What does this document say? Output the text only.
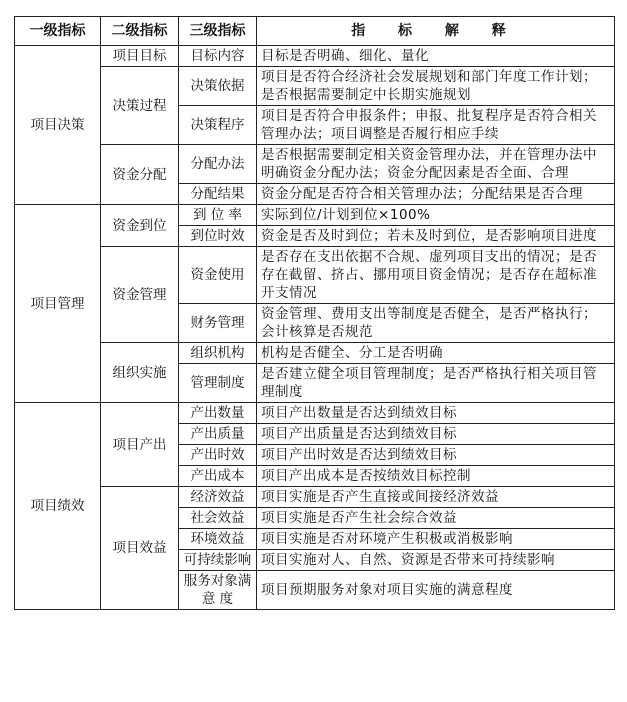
一级指标	二级指标	三级指标	指 标 解 释
项目决策	项目目标	目标内容	目标是否明确、细化、量化
	决策过程	决策依据	项目是否符合经济社会发展规划和部门年度工作计划；是否根据需要制定中长期实施规划
		决策程序	项目是否符合申报条件；申报、批复程序是否符合相关管理办法；项目调整是否履行相应手续
	资金分配	分配办法	是否根据需要制定相关资金管理办法，并在管理办法中明确资金分配办法；资金分配因素是否全面、合理
		分配结果	资金分配是否符合相关管理办法；分配结果是否合理
项目管理	资金到位	到 位 率	实际到位/计划到位×100%
		到位时效	资金是否及时到位；若未及时到位，是否影响项目进度
	资金管理	资金使用	是否存在支出依据不合规、虚列项目支出的情况；是否存在截留、挤占、挪用项目资金情况；是否存在超标准开支情况
		财务管理	资金管理、费用支出等制度是否健全，是否严格执行；会计核算是否规范
	组织实施	组织机构	机构是否健全、分工是否明确
		管理制度	是否建立健全项目管理制度；是否严格执行相关项目管理制度
项目绩效	项目产出	产出数量	项目产出数量是否达到绩效目标
		产出质量	项目产出质量是否达到绩效目标
		产出时效	项目产出时效是否达到绩效目标
		产出成本	项目产出成本是否按绩效目标控制
	项目效益	经济效益	项目实施是否产生直接或间接经济效益
		社会效益	项目实施是否产生社会综合效益
		环境效益	项目实施是否对环境产生积极或消极影响
		可持续影响	项目实施对人、自然、资源是否带来可持续影响
		服务对象满 意 度	项目预期服务对象对项目实施的满意程度
